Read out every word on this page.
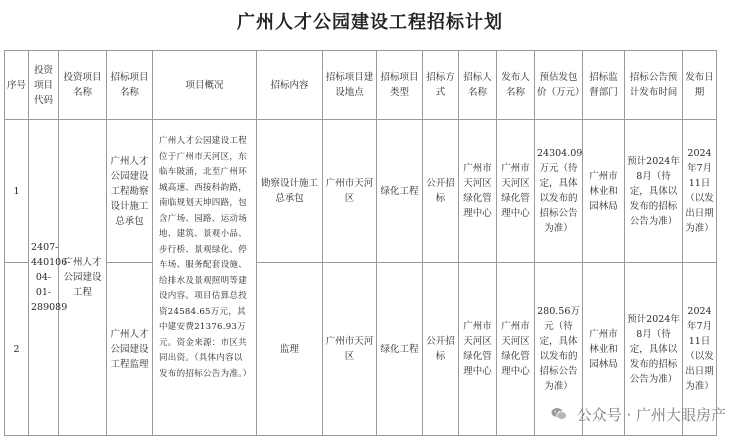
广州人才公园建设工程招标计划
序号	投资项目代码	投资项目名称	招标项目名称	项目概况	招标内容	招标项目建设地点	招标项目类型	招标方式	招标人名称	发布人名称	预估发包价（万元）	招标监督部门	招标公告预计发布时间	发布日期
1	2407-440106-04-01-289089	广州人才公园建设工程	广州人才公园建设工程勘察设计施工总承包	广州人才公园建设工程位于广州市天河区，东临车陂涌，北至广州环城高速、西接科韵路，南临规划天坤四路，包含广场、园路、运动场地、建筑、景观小品、步行桥、景观绿化、停车场、服务配套设施、给排水及景观照明等建设内容。项目估算总投资24584.65万元，其中建安费21376.93万元。资金来源：市区共同出资。（具体内容以发布的招标公告为准。）	勘察设计施工总承包	广州市天河区	绿化工程	公开招标	广州市天河区绿化管理中心	广州市天河区绿化管理中心	24304.09万元（待定，具体以发布的招标公告为准）	广州市林业和园林局	预计2024年8月（待定，具体以发布的招标公告为准）	2024年7月11日（以发出日期为准）
2			广州人才公园建设工程监理		监理	广州市天河区	绿化工程	公开招标	广州市天河区绿化管理中心	广州市天河区绿化管理中心	280.56万元（待定，具体以发布的招标公告为准）	广州市林业和园林局	预计2024年8月（待定，具体以发布的招标公告为准）	2024年7月11日（以发出日期为准）
公众号 · 广州大眼房产
